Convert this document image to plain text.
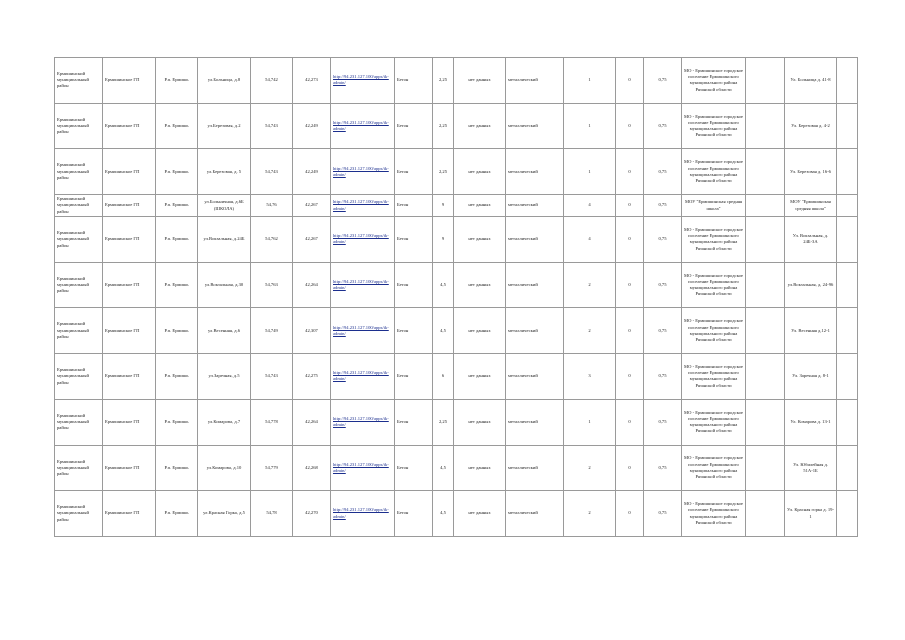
Ермишинский муниципальный район	Ермишинское ГП	Р.п. Ермишь	ул.Больница, д.8	54,742	42,273	http://94.231.127.100/apps/tk-admin/	Бетон	2,25	нет данных	металлический	1	0	0,75	МО - Ермишинское городское поселение Ермишинского муниципального района Рязанской области		Ул. Больница д. 41-8	
Ермишинский муниципальный район	Ермишинское ГП	Р.п. Ермишь	ул.Березовая, д.2	54,743	42,249	http://94.231.127.100/apps/tk-admin/	Бетон	2,25	нет данных	металлический	1	0	0,75	МО - Ермишинское городское поселение Ермишинского муниципального района Рязанской области		Ул. Березовая д. 4-2	
Ермишинский муниципальный район	Ермишинское ГП	Р.п. Ермишь	ул.Березовая, д. 5	54,743	42,249	http://94.231.127.100/apps/tk-admin/	Бетон	2,25	нет данных	металлический	1	0	0,75	МО - Ермишинское городское поселение Ермишинского муниципального района Рязанской области		Ул. Березовая д. 16-6	
Ермишинский муниципальный район	Ермишинское ГП	Р.п. Ермишь	ул.Больничная, д.6Б (ШКОЛА)	54,76	42,267	http://94.231.127.100/apps/tk-admin/	Бетон	9	нет данных	металлический	4	0	0,75	МОУ "Ермишинская средняя школа"		МОУ "Ермишинская средняя школа"	
Ермишинский муниципальный район	Ермишинское ГП	Р.п. Ермишь	ул.Вокзальная, д.24Б	54,762	42,267	http://94.231.127.100/apps/tk-admin/	Бетон	9	нет данных	металлический	4	0	0,75	МО - Ермишинское городское поселение Ермишинского муниципального района Рязанской области		Ул. Вокзальная, д. 24Б-3А	
Ермишинский муниципальный район	Ермишинское ГП	Р.п. Ермишь	ул.Вокзальная, д.30	54,763	42,264	http://94.231.127.100/apps/tk-admin/	Бетон	4,5	нет данных	металлический	2	0	0,75	МО - Ермишинское городское поселение Ермишинского муниципального района Рязанской области		ул.Вокзальная, д. 24-96	
Ермишинский муниципальный район	Ермишинское ГП	Р.п. Ермишь	ул.Весенняя, д.6	54,749	42,307	http://94.231.127.100/apps/tk-admin/	Бетон	4,5	нет данных	металлический	2	0	0,75	МО - Ермишинское городское поселение Ермишинского муниципального района Рязанской области		Ул. Весенняя д.12-1	
Ермишинский муниципальный район	Ермишинское ГП	Р.п. Ермишь	ул.Заречная, д.5	54,743	42,275	http://94.231.127.100/apps/tk-admin/	Бетон	6	нет данных	металлический	3	0	0,75	МО - Ермишинское городское поселение Ермишинского муниципального района Рязанской области		Ул. Заречная д. 8-1	
Ермишинский муниципальный район	Ермишинское ГП	Р.п. Ермишь	ул.Комарова, д.7	54,778	42,264	http://94.231.127.100/apps/tk-admin/	Бетон	2,25	нет данных	металлический	1	0	0,75	МО - Ермишинское городское поселение Ермишинского муниципального района Рязанской области		Ул. Комарова д. 13-1	
Ермишинский муниципальный район	Ермишинское ГП	Р.п. Ермишь	ул.Комарова, д.10	54,779	42,268	http://94.231.127.100/apps/tk-admin/	Бетон	4,5	нет данных	металлический	2	0	0,75	МО - Ермишинское городское поселение Ермишинского муниципального района Рязанской области		Ул. Юбилейная д. 51А-1Б	
Ермишинский муниципальный район	Ермишинское ГП	Р.п. Ермишь	ул.Красная Горка, д.5	54,78	42,270	http://94.231.127.100/apps/tk-admin/	Бетон	4,5	нет данных	металлический	2	0	0,75	МО - Ермишинское городское поселение Ермишинского муниципального района Рязанской области		Ул. Красная горка д. 19-1	
